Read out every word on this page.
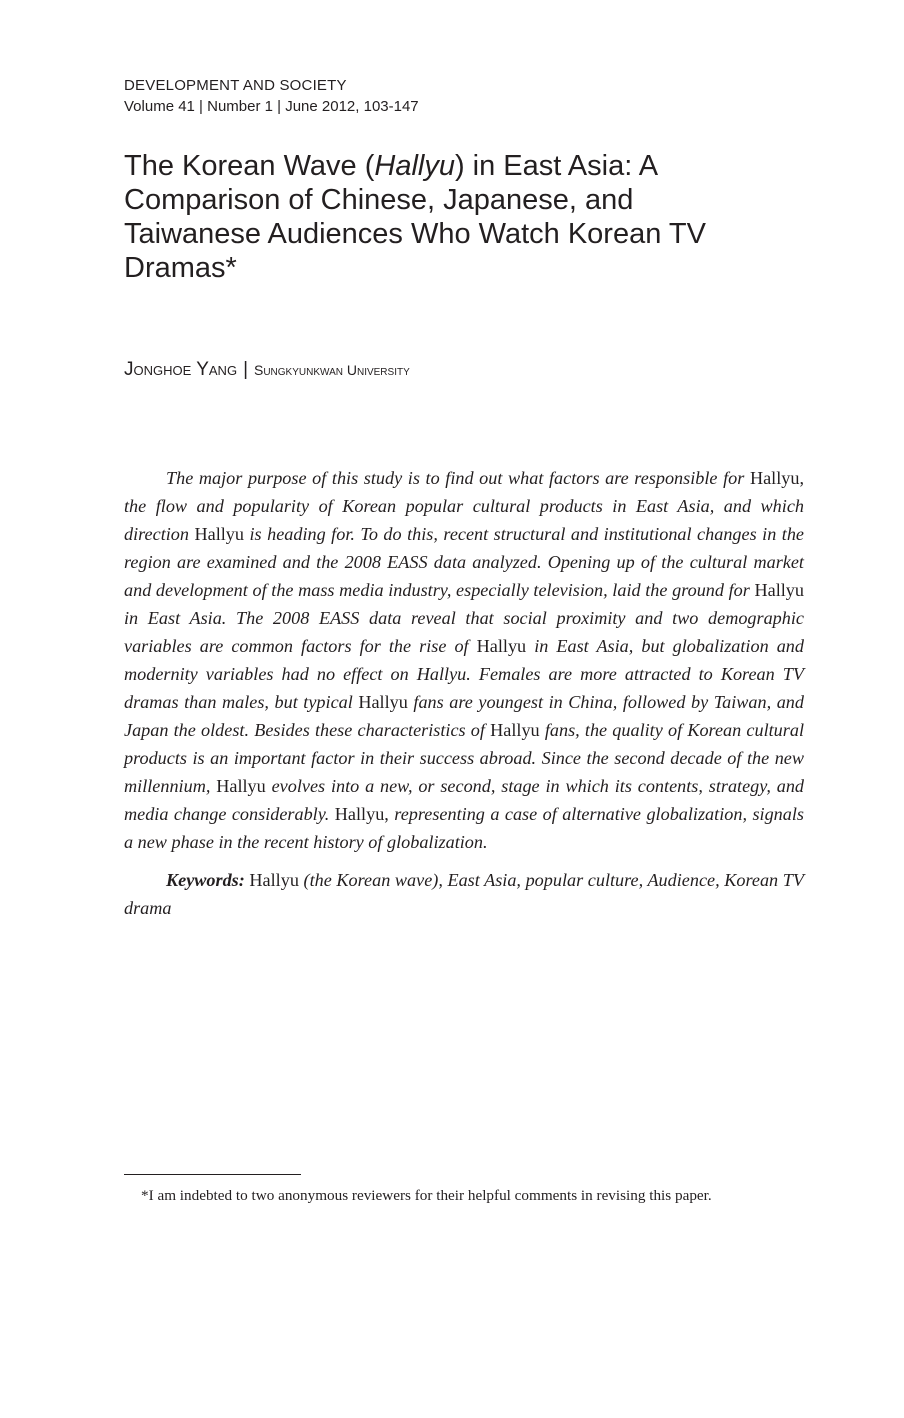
DEVELOPMENT AND SOCIETY
Volume 41 | Number 1 | June 2012, 103-147
The Korean Wave (Hallyu) in East Asia: A Comparison of Chinese, Japanese, and Taiwanese Audiences Who Watch Korean TV Dramas*
Jonghoe Yang | Sungkyunkwan University

The major purpose of this study is to find out what factors are responsible for Hallyu, the flow and popularity of Korean popular cultural products in East Asia, and which direction Hallyu is heading for. To do this, recent structural and institutional changes in the region are examined and the 2008 EASS data analyzed. Opening up of the cultural market and development of the mass media industry, especially television, laid the ground for Hallyu in East Asia. The 2008 EASS data reveal that social proximity and two demographic variables are common factors for the rise of Hallyu in East Asia, but globalization and modernity variables had no effect on Hallyu. Females are more attracted to Korean TV dramas than males, but typical Hallyu fans are youngest in China, followed by Taiwan, and Japan the oldest. Besides these characteristics of Hallyu fans, the quality of Korean cultural products is an important factor in their success abroad. Since the second decade of the new millennium, Hallyu evolves into a new, or second, stage in which its contents, strategy, and media change considerably. Hallyu, representing a case of alternative globalization, signals a new phase in the recent history of globalization.

Keywords: Hallyu (the Korean wave), East Asia, popular culture, Audience, Korean TV drama

*I am indebted to two anonymous reviewers for their helpful comments in revising this paper.
